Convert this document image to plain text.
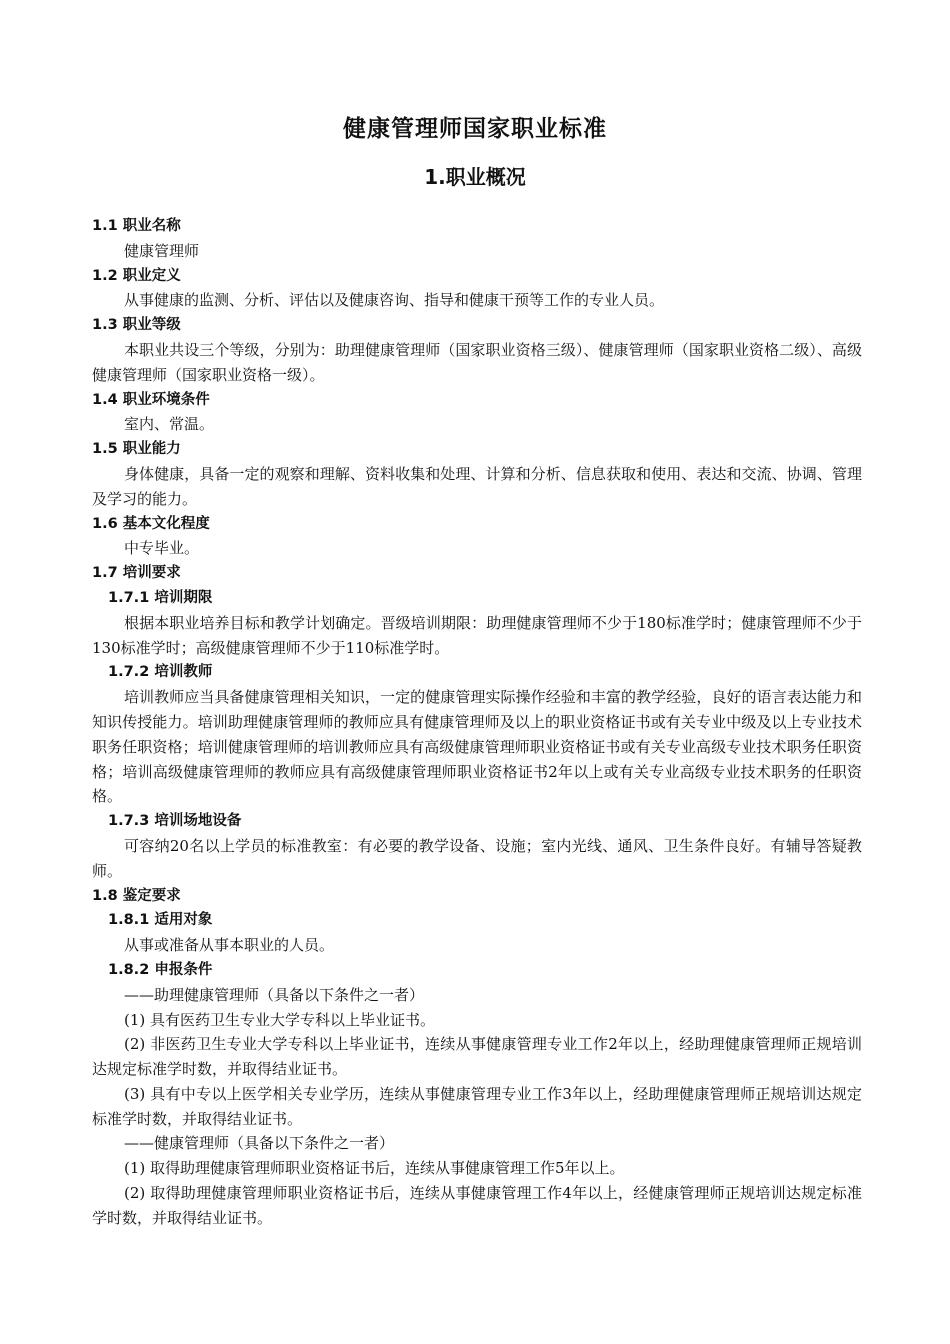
健康管理师国家职业标准
1.职业概况
1.1 职业名称
健康管理师
1.2 职业定义
从事健康的监测、分析、评估以及健康咨询、指导和健康干预等工作的专业人员。
1.3 职业等级
本职业共设三个等级，分别为：助理健康管理师（国家职业资格三级）、健康管理师（国家职业资格二级）、高级健康管理师（国家职业资格一级）。
1.4 职业环境条件
室内、常温。
1.5 职业能力
身体健康，具备一定的观察和理解、资料收集和处理、计算和分析、信息获取和使用、表达和交流、协调、管理及学习的能力。
1.6 基本文化程度
中专毕业。
1.7 培训要求
1.7.1 培训期限
根据本职业培养目标和教学计划确定。晋级培训期限：助理健康管理师不少于180标准学时；健康管理师不少于130标准学时；高级健康管理师不少于110标准学时。
1.7.2 培训教师
培训教师应当具备健康管理相关知识，一定的健康管理实际操作经验和丰富的教学经验，良好的语言表达能力和知识传授能力。培训助理健康管理师的教师应具有健康管理师及以上的职业资格证书或有关专业中级及以上专业技术职务任职资格；培训健康管理师的培训教师应具有高级健康管理师职业资格证书或有关专业高级专业技术职务任职资格；培训高级健康管理师的教师应具有高级健康管理师职业资格证书2年以上或有关专业高级专业技术职务的任职资格。
1.7.3 培训场地设备
可容纳20名以上学员的标准教室：有必要的教学设备、设施；室内光线、通风、卫生条件良好。有辅导答疑教师。
1.8 鉴定要求
1.8.1 适用对象
从事或准备从事本职业的人员。
1.8.2 申报条件
——助理健康管理师（具备以下条件之一者）
(1) 具有医药卫生专业大学专科以上毕业证书。
(2) 非医药卫生专业大学专科以上毕业证书，连续从事健康管理专业工作2年以上，经助理健康管理师正规培训达规定标准学时数，并取得结业证书。
(3) 具有中专以上医学相关专业学历，连续从事健康管理专业工作3年以上，经助理健康管理师正规培训达规定标准学时数，并取得结业证书。
——健康管理师（具备以下条件之一者）
(1) 取得助理健康管理师职业资格证书后，连续从事健康管理工作5年以上。
(2) 取得助理健康管理师职业资格证书后，连续从事健康管理工作4年以上，经健康管理师正规培训达规定标准学时数，并取得结业证书。
